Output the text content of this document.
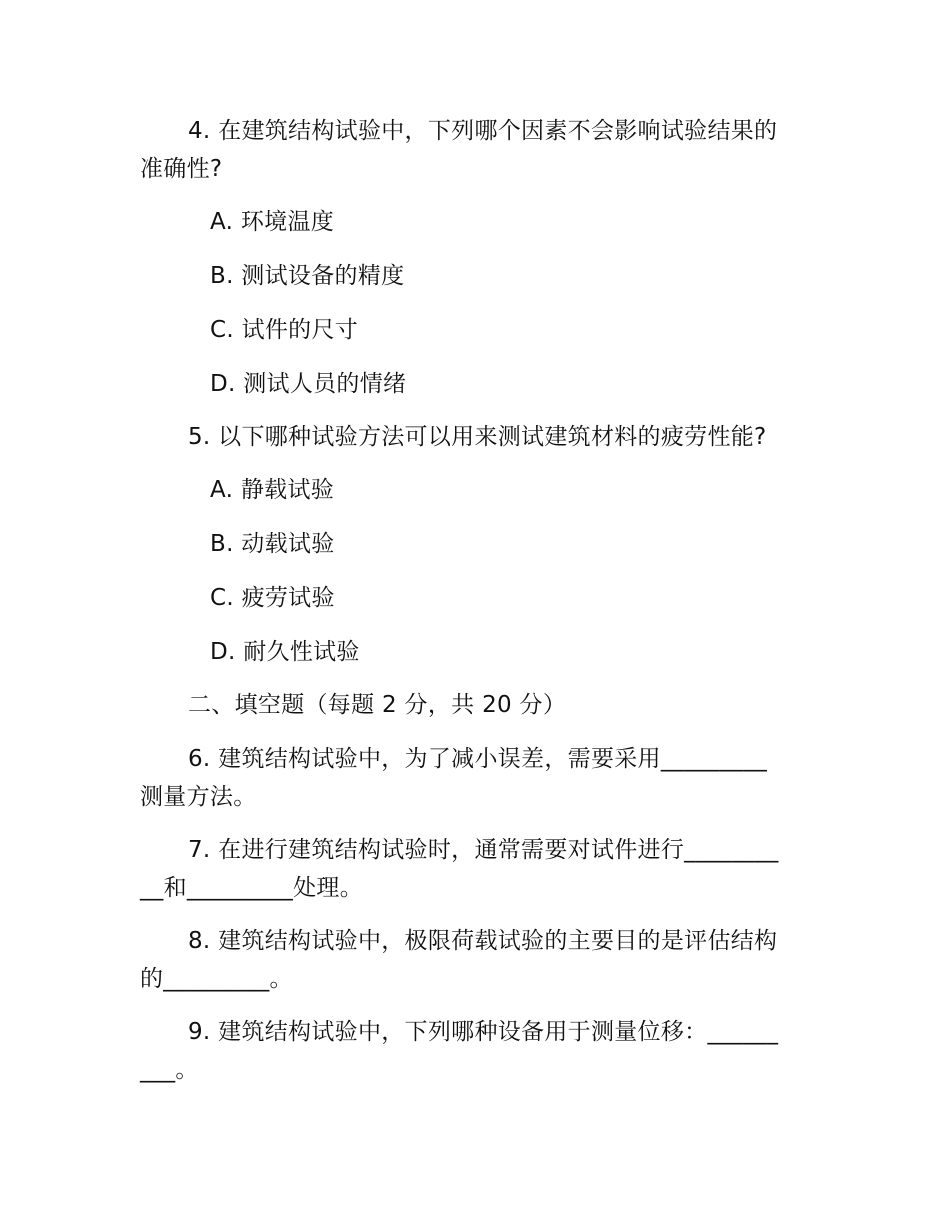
4. 在建筑结构试验中，下列哪个因素不会影响试验结果的
准确性?
A. 环境温度
B. 测试设备的精度
C. 试件的尺寸
D. 测试人员的情绪
5. 以下哪种试验方法可以用来测试建筑材料的疲劳性能?
A. 静载试验
B. 动载试验
C. 疲劳试验
D. 耐久性试验
二、填空题（每题 2 分，共 20 分）
6. 建筑结构试验中，为了减小误差，需要采用_________
测量方法。
7. 在进行建筑结构试验时，通常需要对试件进行________
__和_________处理。
8. 建筑结构试验中，极限荷载试验的主要目的是评估结构
的_________。
9. 建筑结构试验中，下列哪种设备用于测量位移：______
___。
